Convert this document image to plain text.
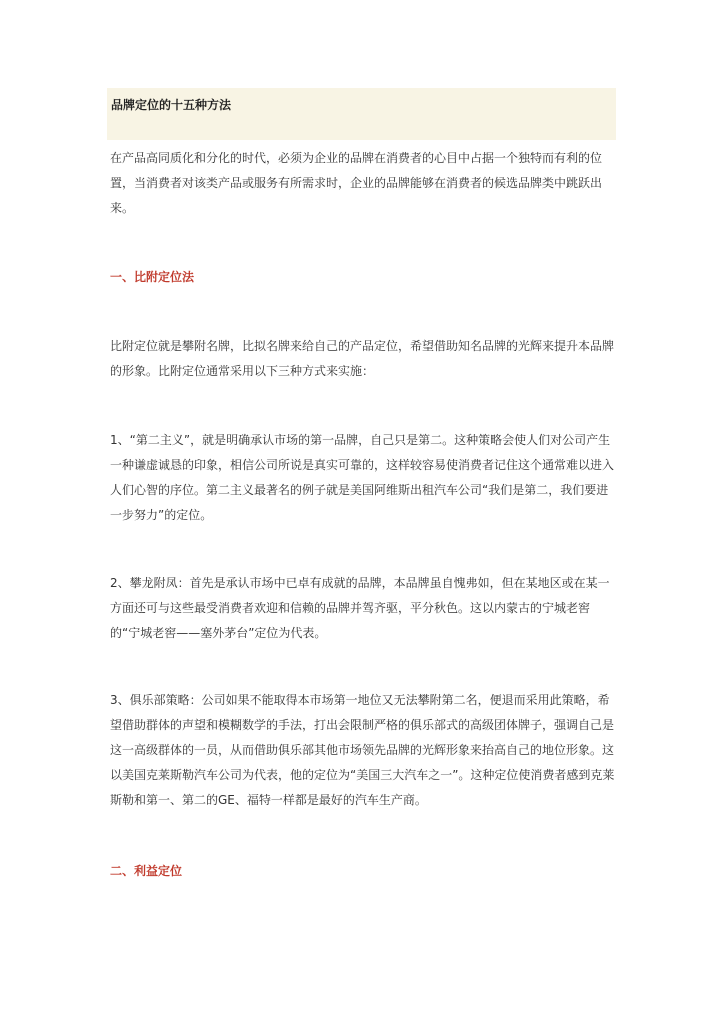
品牌定位的十五种方法

在产品高同质化和分化的时代，必须为企业的品牌在消费者的心目中占据一个独特而有利的位置，当消费者对该类产品或服务有所需求时，企业的品牌能够在消费者的候选品牌类中跳跃出来。

一、比附定位法

比附定位就是攀附名牌，比拟名牌来给自己的产品定位，希望借助知名品牌的光辉来提升本品牌的形象。比附定位通常采用以下三种方式来实施：

1、“第二主义”，就是明确承认市场的第一品牌，自己只是第二。这种策略会使人们对公司产生一种谦虚诚恳的印象，相信公司所说是真实可靠的，这样较容易使消费者记住这个通常难以进入人们心智的序位。第二主义最著名的例子就是美国阿维斯出租汽车公司“我们是第二，我们要进一步努力”的定位。

2、攀龙附凤：首先是承认市场中已卓有成就的品牌，本品牌虽自愧弗如，但在某地区或在某一方面还可与这些最受消费者欢迎和信赖的品牌并驾齐驱，平分秋色。这以内蒙古的宁城老窖的“宁城老窖——塞外茅台”定位为代表。

3、俱乐部策略：公司如果不能取得本市场第一地位又无法攀附第二名，便退而采用此策略，希望借助群体的声望和模糊数学的手法，打出会限制严格的俱乐部式的高级团体牌子，强调自己是这一高级群体的一员，从而借助俱乐部其他市场领先品牌的光辉形象来抬高自己的地位形象。这以美国克莱斯勒汽车公司为代表，他的定位为“美国三大汽车之一”。这种定位使消费者感到克莱斯勒和第一、第二的GE、福特一样都是最好的汽车生产商。

二、利益定位
